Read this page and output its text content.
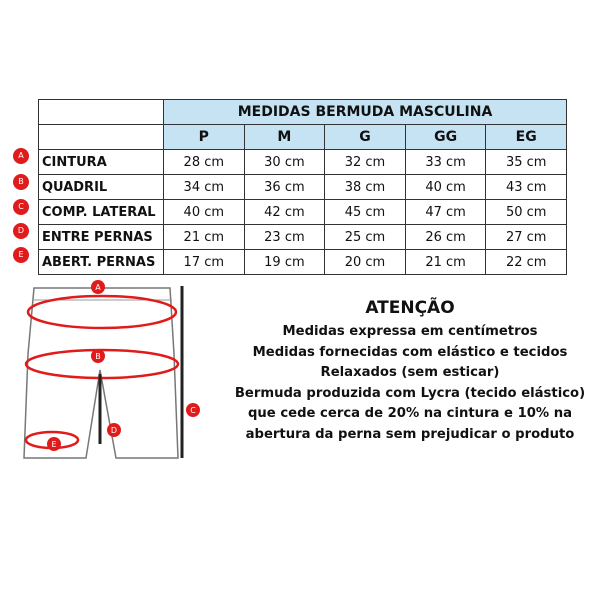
	MEDIDAS BERMUDA MASCULINA				
	P	M	G	GG	EG
CINTURA	28 cm	30 cm	32 cm	33 cm	35 cm
QUADRIL	34 cm	36 cm	38 cm	40 cm	43 cm
COMP. LATERAL	40 cm	42 cm	45 cm	47 cm	50 cm
ENTRE PERNAS	21 cm	23 cm	25 cm	26 cm	27 cm
ABERT. PERNAS	17 cm	19 cm	20 cm	21 cm	22 cm
A
B
C
D
E
A
B
C
D
E
ATENÇÃO
Medidas expressa em centímetros
Medidas fornecidas com elástico e tecidos
Relaxados (sem esticar)
Bermuda produzida com Lycra (tecido elástico)
que cede cerca de 20% na cintura e 10% na
abertura da perna sem prejudicar o produto
